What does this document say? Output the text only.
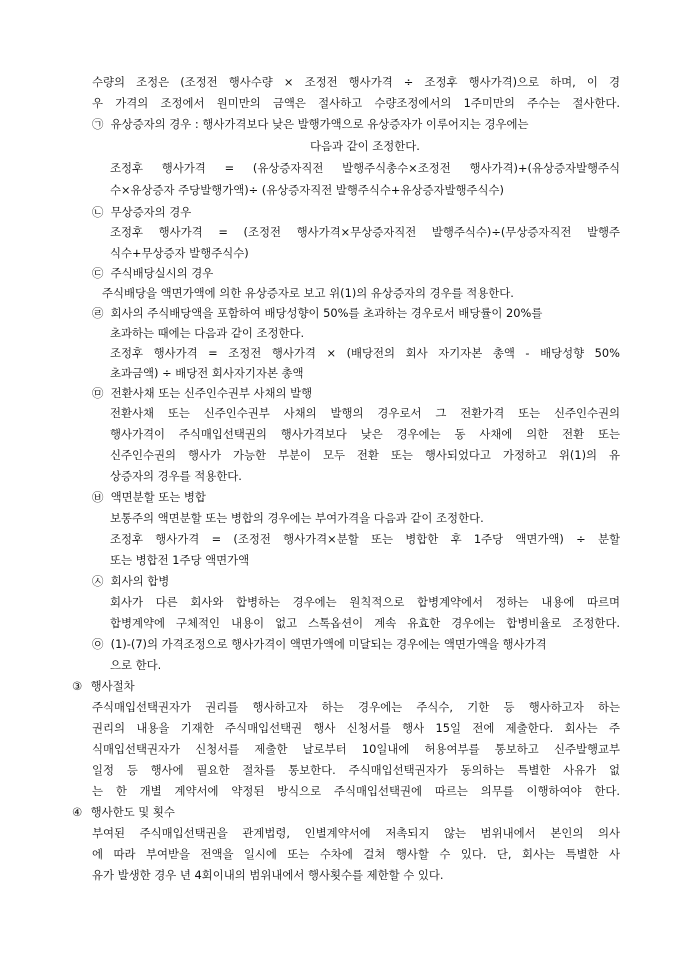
수량의 조정은 (조정전 행사수량 × 조정전 행사가격 ÷ 조정후 행사가격)으로 하며, 이 경
우 가격의 조정에서 원미만의 금액은 절사하고 수량조정에서의 1주미만의 주수는 절사한다.
㉠ 유상증자의 경우 : 행사가격보다 낮은 발행가액으로 유상증자가 이루어지는 경우에는
다음과 같이 조정한다.
조정후 행사가격 = (유상증자직전 발행주식총수×조정전 행사가격)+(유상증자발행주식
수×유상증자 주당발행가액)÷ (유상증자직전 발행주식수+유상증자발행주식수)
㉡ 무상증자의 경우
조정후 행사가격 = (조정전 행사가격×무상증자직전 발행주식수)÷(무상증자직전 발행주
식수+무상증자 발행주식수)
㉢ 주식배당실시의 경우
주식배당을 액면가액에 의한 유상증자로 보고 위(1)의 유상증자의 경우를 적용한다.
㉣ 회사의 주식배당액을 포함하여 배당성향이 50%를 초과하는 경우로서 배당률이 20%를
초과하는 때에는 다음과 같이 조정한다.
조정후 행사가격 = 조정전 행사가격 × (배당전의 회사 자기자본 총액 - 배당성향 50%
초과금액) ÷ 배당전 회사자기자본 총액
㉤ 전환사채 또는 신주인수권부 사채의 발행
전환사채 또는 신주인수권부 사채의 발행의 경우로서 그 전환가격 또는 신주인수권의
행사가격이 주식매입선택권의 행사가격보다 낮은 경우에는 동 사채에 의한 전환 또는
신주인수권의 행사가 가능한 부분이 모두 전환 또는 행사되었다고 가정하고 위(1)의 유
상증자의 경우를 적용한다.
㉥ 액면분할 또는 병합
보통주의 액면분할 또는 병합의 경우에는 부여가격을 다음과 같이 조정한다.
조정후 행사가격 = (조정전 행사가격×분할 또는 병합한 후 1주당 액면가액) ÷ 분할
또는 병합전 1주당 액면가액
㉦ 회사의 합병
회사가 다른 회사와 합병하는 경우에는 원칙적으로 합병계약에서 정하는 내용에 따르며
합병계약에 구체적인 내용이 없고 스톡옵션이 계속 유효한 경우에는 합병비율로 조정한다.
㉧ (1)-(7)의 가격조정으로 행사가격이 액면가액에 미달되는 경우에는 액면가액을 행사가격
으로 한다.
③ 행사절차
주식매입선택권자가 권리를 행사하고자 하는 경우에는 주식수, 기한 등 행사하고자 하는
권리의 내용을 기재한 주식매입선택권 행사 신청서를 행사 15일 전에 제출한다. 회사는 주
식매입선택권자가 신청서를 제출한 날로부터 10일내에 허용여부를 통보하고 신주발행교부
일정 등 행사에 필요한 절차를 통보한다. 주식매입선택권자가 동의하는 특별한 사유가 없
는 한 개별 계약서에 약정된 방식으로 주식매입선택권에 따르는 의무를 이행하여야 한다.
④ 행사한도 및 횟수
부여된 주식매입선택권을 관계법령, 인별계약서에 저촉되지 않는 범위내에서 본인의 의사
에 따라 부여받을 전액을 일시에 또는 수차에 걸쳐 행사할 수 있다. 단, 회사는 특별한 사
유가 발생한 경우 년 4회이내의 범위내에서 행사횟수를 제한할 수 있다.
